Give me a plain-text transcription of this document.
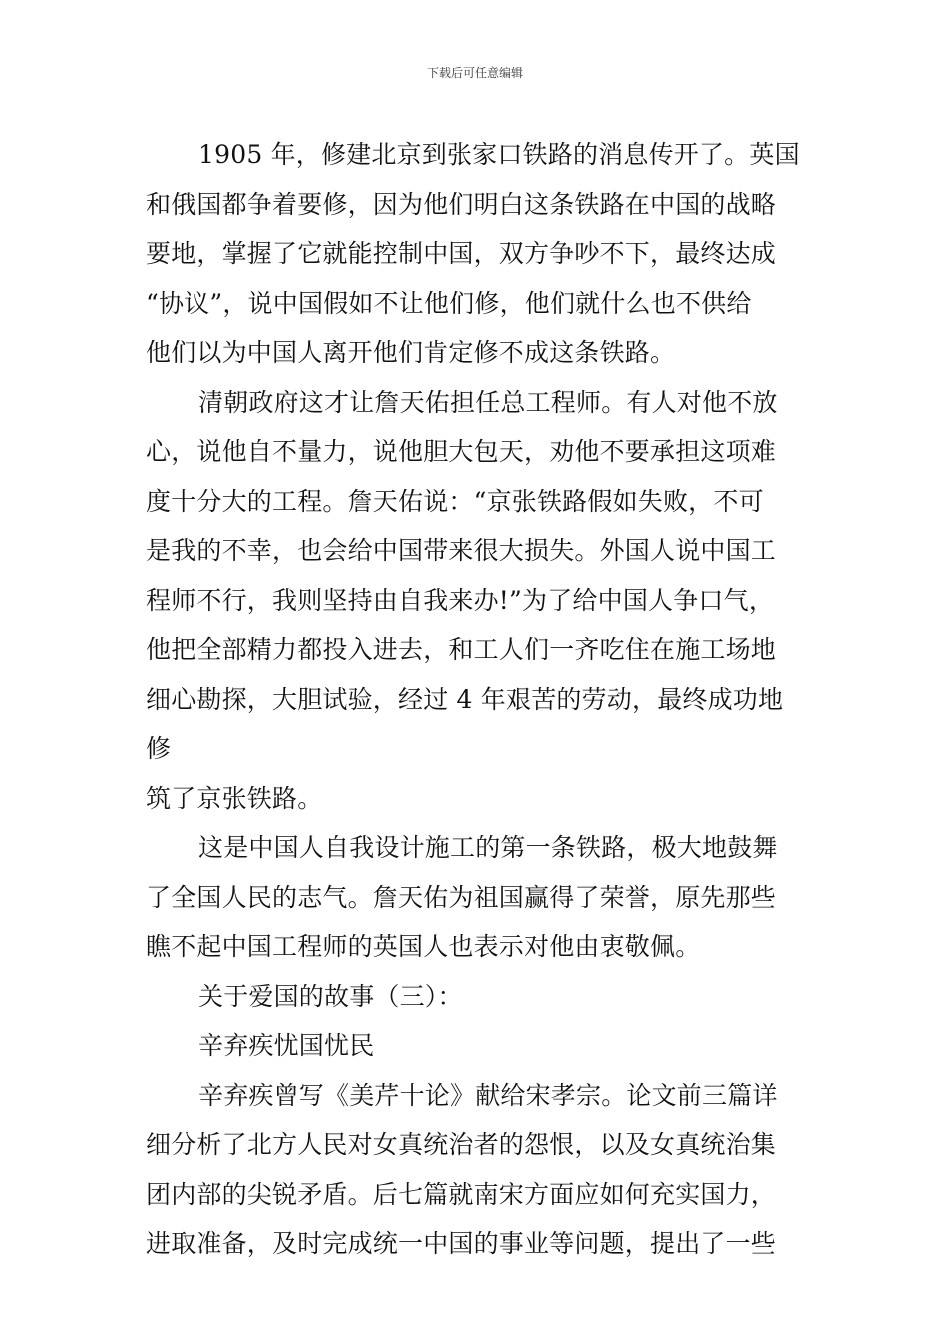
下载后可任意编辑

1905 年，修建北京到张家口铁路的消息传开了。英国
和俄国都争着要修，因为他们明白这条铁路在中国的战略
要地，掌握了它就能控制中国，双方争吵不下，最终达成
“协议”，说中国假如不让他们修，他们就什么也不供给
他们以为中国人离开他们肯定修不成这条铁路。

清朝政府这才让詹天佑担任总工程师。有人对他不放
心，说他自不量力，说他胆大包天，劝他不要承担这项难
度十分大的工程。詹天佑说：“京张铁路假如失败，不可
是我的不幸，也会给中国带来很大损失。外国人说中国工
程师不行，我则坚持由自我来办!”为了给中国人争口气，
他把全部精力都投入进去，和工人们一齐吃住在施工场地
细心勘探，大胆试验，经过 4 年艰苦的劳动，最终成功地修
筑了京张铁路。

这是中国人自我设计施工的第一条铁路，极大地鼓舞
了全国人民的志气。詹天佑为祖国赢得了荣誉，原先那些
瞧不起中国工程师的英国人也表示对他由衷敬佩。

关于爱国的故事（三）：

辛弃疾忧国忧民

辛弃疾曾写《美芹十论》献给宋孝宗。论文前三篇详
细分析了北方人民对女真统治者的怨恨，以及女真统治集
团内部的尖锐矛盾。后七篇就南宋方面应如何充实国力，
进取准备，及时完成统一中国的事业等问题，提出了一些
